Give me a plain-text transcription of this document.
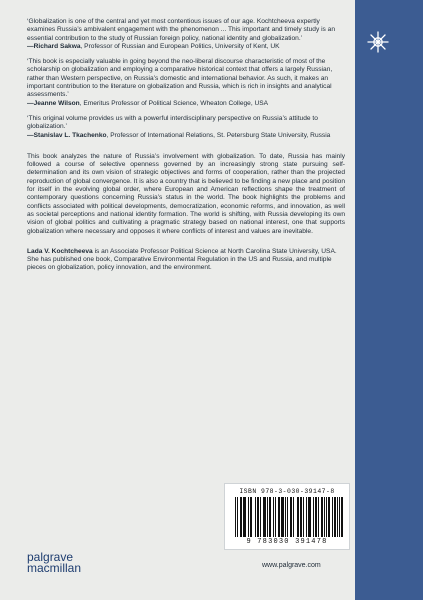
‘Globalization is one of the central and yet most contentious issues of our age. Kochtcheeva expertly examines Russia’s ambivalent engagement with the phenomenon ... This important and timely study is an essential contribution to the study of Russian foreign policy, national identity and globalization.’

—Richard Sakwa, Professor of Russian and European Politics, University of Kent, UK

‘This book is especially valuable in going beyond the neo-liberal discourse characteristic of most of the scholarship on globalization and employing a comparative historical context that offers a largely Russian, rather than Western perspective, on Russia’s domestic and international behavior. As such, it makes an important contribution to the literature on globalization and Russia, which is rich in insights and analytical assessments.’

—Jeanne Wilson, Emeritus Professor of Political Science, Wheaton College, USA

‘This original volume provides us with a powerful interdisciplinary perspective on Russia’s attitude to globalization.’

—Stanislav L. Tkachenko, Professor of International Relations, St. Petersburg State University, Russia

This book analyzes the nature of Russia’s involvement with globalization. To date, Russia has mainly followed a course of selective openness governed by an increasingly strong state pursuing self-determination and its own vision of strategic objectives and forms of cooperation, rather than the projected reproduction of global convergence. It is also a country that is believed to be finding a new place and position for itself in the evolving global order, where European and American reflections shape the treatment of contemporary questions concerning Russia’s status in the world. The book highlights the problems and conflicts associated with political developments, democratization, economic reforms, and innovation, as well as societal perceptions and national identity formation. The world is shifting, with Russia developing its own vision of global politics and cultivating a pragmatic strategy based on national interest, one that supports globalization where necessary and opposes it where conflicts of interest and values are inevitable.

Lada V. Kochtcheeva is an Associate Professor Political Science at North Carolina State University, USA. She has published one book, Comparative Environmental Regulation in the US and Russia, and multiple pieces on globalization, policy innovation, and the environment.

ISBN 978-3-030-39147-8
9 783030 391478
palgrave
macmillan	www.palgrave.com
